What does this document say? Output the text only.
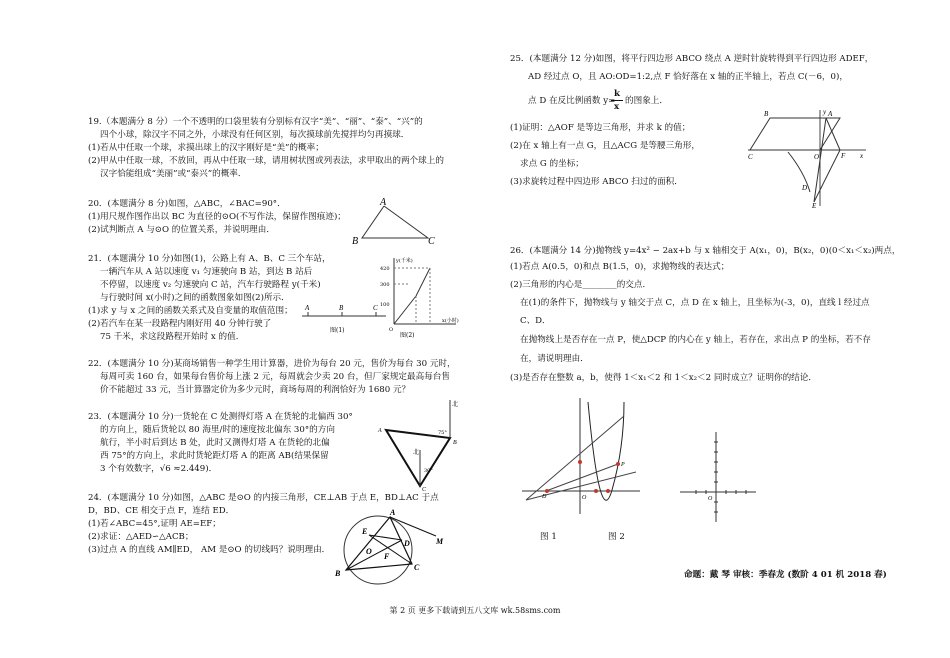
19.（本题满分 8 分）一个不透明的口袋里装有分别标有汉字“美”、“丽”、“泰”、“兴”的
四个小球，除汉字不同之外，小球没有任何区别，每次摸球前先搅拌均匀再摸球．
(1)若从中任取一个球，求摸出球上的汉字刚好是“美”的概率；
(2)甲从中任取一球，不放回，再从中任取一球，请用树状图或列表法，求甲取出的两个球上的
汉字恰能组成“美丽”或“泰兴”的概率．
20．(本题满分 8 分)如图，△ABC，∠BAC=90°．
(1)用尺规作图作出以 BC 为直径的⊙O(不写作法，保留作图痕迹)；
(2)试判断点 A 与⊙O 的位置关系，并说明理由．
A
B	C
21．(本题满分 10 分)如图(1)，公路上有 A、B、C 三个车站，
一辆汽车从 A 站以速度 v₁ 匀速驶向 B 站，到达 B 站后
不停留，以速度 v₂ 匀速驶向 C 站，汽车行驶路程 y(千米)
与行驶时间 x(小时)之间的函数图象如图(2)所示．
(1)求 y 与 x 之间的函数关系式及自变量的取值范围；
(2)若汽车在某一段路程内刚好用 40 分钟行驶了
75 千米，求这段路程开始时 x 的值．
A	B	C
图(1)
y(千米)
x(小时)
420
300
100
O
图(2)
22．(本题满分 10 分)某商场销售一种学生用计算器，进价为每台 20 元，售价为每台 30 元时，
每周可卖 160 台，如果每台售价每上涨 2 元，每周就会少卖 20 台，但厂家规定最高每台售
价不能超过 33 元，当计算器定价为多少元时，商场每周的利润恰好为 1680 元？
23．(本题满分 10 分)一货轮在 C 处测得灯塔 A 在货轮的北偏西 30°
的方向上，随后货轮以 80 海里/时的速度按北偏东 30°的方向
航行，半小时后到达 B 处，此时又测得灯塔 A 在货轮的北偏
西 75°的方向上，求此时货轮距灯塔 A 的距离 AB(结果保留
3 个有效数字，√6 ≈2.449)．
北
北
A
B
C
75°
30°
24．(本题满分 10 分)如图，△ABC 是⊙O 的内接三角形，CE⊥AB 于点 E，BD⊥AC 于点
D，BD、CE 相交于点 F，连结 ED．
(1)若∠ABC=45°,证明 AE=EF；
(2)求证：△AED∽△ACB；
(3)过点 A 的直线 AM∥ED， AM 是⊙O 的切线吗？说明理由．
A
B
C
D
E
F
O
M
25．(本题满分 12 分)如图，将平行四边形 ABCO 绕点 A 逆时针旋转得到平行四边形 ADEF，
AD 经过点 O，且 AO:OD=1:2,点 F 恰好落在 x 轴的正半轴上，若点 C(－6，0)，
点 D 在反比例函数 y=
k
x
的图象上．
(1)证明：△AOF 是等边三角形，并求 k 的值；
(2)在 x 轴上有一点 G，且△ACG 是等腰三角形，
求点 G 的坐标；
(3)求旋转过程中四边形 ABCO 扫过的面积．
y
x
A
B
C	O	F
D
E
26．(本题满分 14 分)抛物线 y=4x² − 2ax+b 与 x 轴相交于 A(x₁，0)，B(x₂，0)(0＜x₁＜x₂)两点，
(1)若点 A(0.5，0)和点 B(1.5，0)，求抛物线的表达式；
(2)三角形的内心是________的交点．
在(1)的条件下，抛物线与 y 轴交于点 C，点 D 在 x 轴上，且坐标为(-3，0)，直线 l 经过点
C、D．
在抛物线上是否存在一点 P，使△DCP 的内心在 y 轴上，若存在，求出点 P 的坐标，若不存
在，请说明理由．
(3)是否存在整数 a，b，使得 1＜x₁＜2 和 1＜x₂＜2 同时成立？证明你的结论．
D	O
P
O
图 1	图 2
命题：戴 琴 审核：季春龙 (数阶 4 01 机 2018 春)
第 2 页 更多下载请到五八文库 wk.58sms.com
